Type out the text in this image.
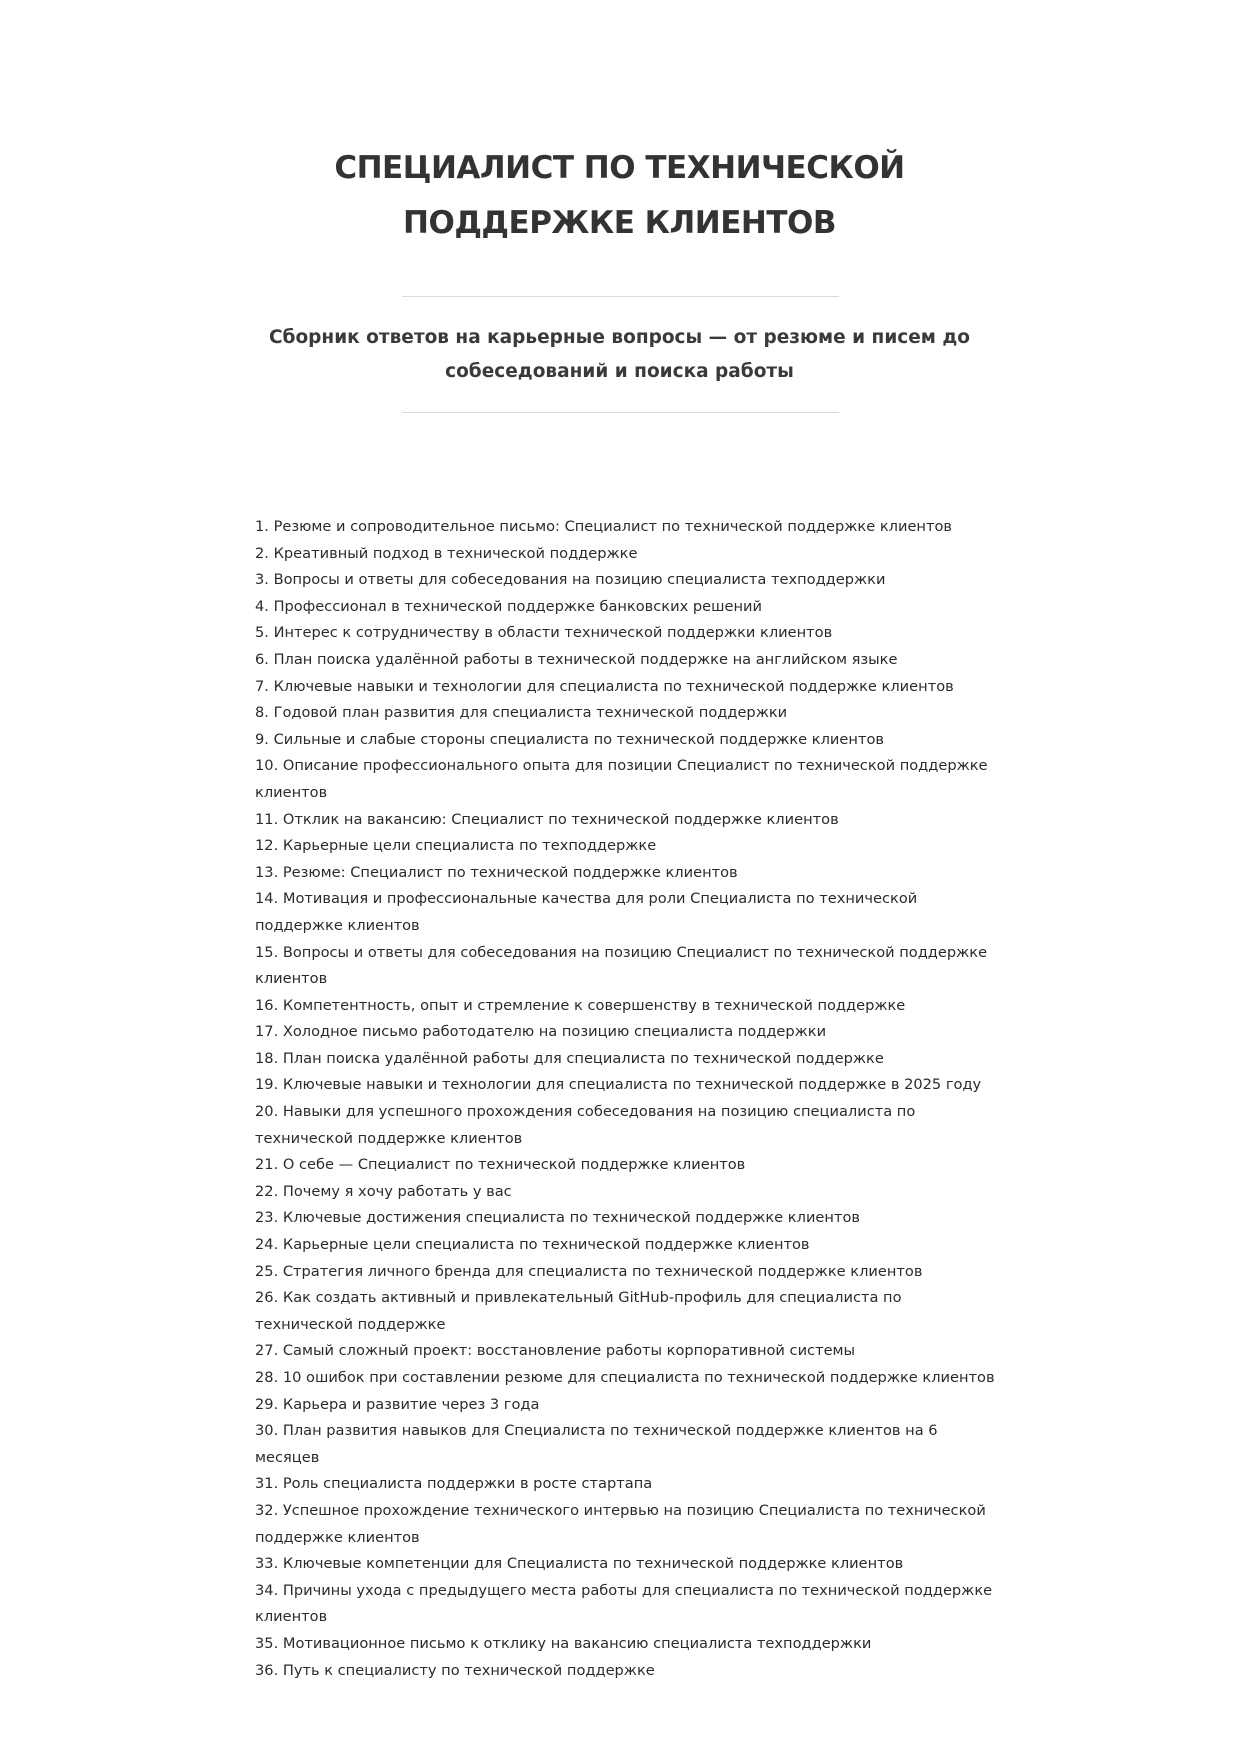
СПЕЦИАЛИСТ ПО ТЕХНИЧЕСКОЙ
ПОДДЕРЖКЕ КЛИЕНТОВ

Сборник ответов на карьерные вопросы — от резюме и писем до
собеседований и поиска работы

1. Резюме и сопроводительное письмо: Специалист по технической поддержке клиентов
2. Креативный подход в технической поддержке
3. Вопросы и ответы для собеседования на позицию специалиста техподдержки
4. Профессионал в технической поддержке банковских решений
5. Интерес к сотрудничеству в области технической поддержки клиентов
6. План поиска удалённой работы в технической поддержке на английском языке
7. Ключевые навыки и технологии для специалиста по технической поддержке клиентов
8. Годовой план развития для специалиста технической поддержки
9. Сильные и слабые стороны специалиста по технической поддержке клиентов
10. Описание профессионального опыта для позиции Специалист по технической поддержке клиентов
11. Отклик на вакансию: Специалист по технической поддержке клиентов
12. Карьерные цели специалиста по техподдержке
13. Резюме: Специалист по технической поддержке клиентов
14. Мотивация и профессиональные качества для роли Специалиста по технической поддержке клиентов
15. Вопросы и ответы для собеседования на позицию Специалист по технической поддержке клиентов
16. Компетентность, опыт и стремление к совершенству в технической поддержке
17. Холодное письмо работодателю на позицию специалиста поддержки
18. План поиска удалённой работы для специалиста по технической поддержке
19. Ключевые навыки и технологии для специалиста по технической поддержке в 2025 году
20. Навыки для успешного прохождения собеседования на позицию специалиста по технической поддержке клиентов
21. О себе — Специалист по технической поддержке клиентов
22. Почему я хочу работать у вас
23. Ключевые достижения специалиста по технической поддержке клиентов
24. Карьерные цели специалиста по технической поддержке клиентов
25. Стратегия личного бренда для специалиста по технической поддержке клиентов
26. Как создать активный и привлекательный GitHub-профиль для специалиста по технической поддержке
27. Самый сложный проект: восстановление работы корпоративной системы
28. 10 ошибок при составлении резюме для специалиста по технической поддержке клиентов
29. Карьера и развитие через 3 года
30. План развития навыков для Специалиста по технической поддержке клиентов на 6 месяцев
31. Роль специалиста поддержки в росте стартапа
32. Успешное прохождение технического интервью на позицию Специалиста по технической поддержке клиентов
33. Ключевые компетенции для Специалиста по технической поддержке клиентов
34. Причины ухода с предыдущего места работы для специалиста по технической поддержке клиентов
35. Мотивационное письмо к отклику на вакансию специалиста техподдержки
36. Путь к специалисту по технической поддержке
